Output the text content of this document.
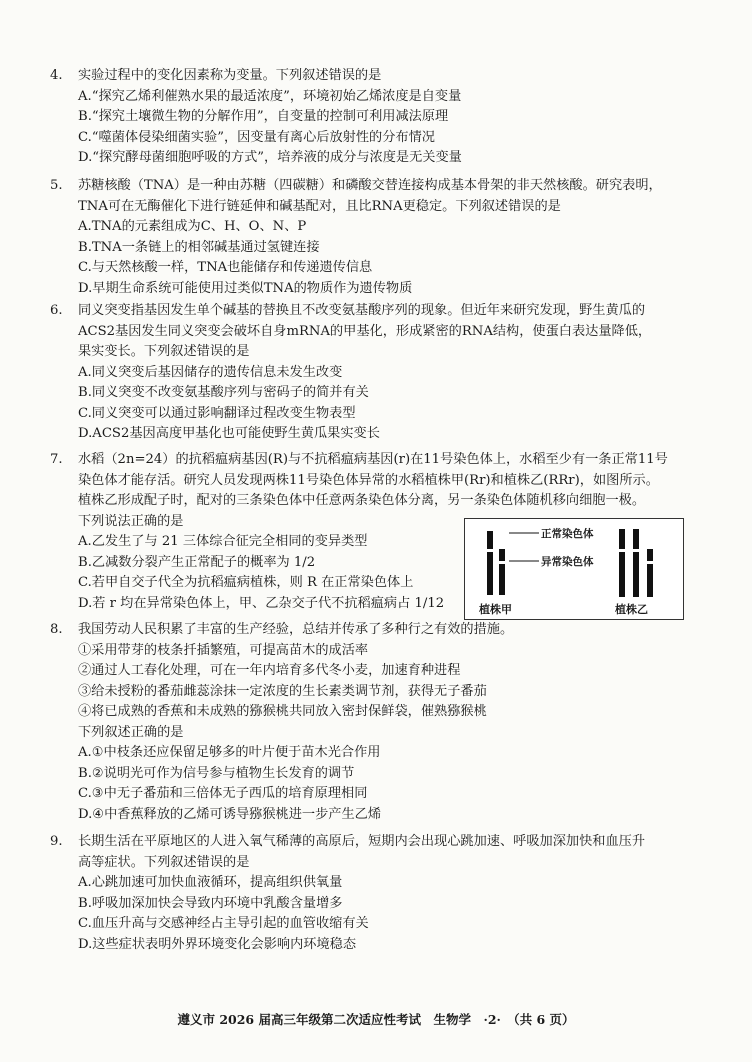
4.	实验过程中的变化因素称为变量。下列叙述错误的是
A.“探究乙烯利催熟水果的最适浓度”，环境初始乙烯浓度是自变量
B.“探究土壤微生物的分解作用”，自变量的控制可利用减法原理
C.“噬菌体侵染细菌实验”，因变量有离心后放射性的分布情况
D.“探究酵母菌细胞呼吸的方式”，培养液的成分与浓度是无关变量
5.	苏糖核酸（TNA）是一种由苏糖（四碳糖）和磷酸交替连接构成基本骨架的非天然核酸。研究表明，
TNA可在无酶催化下进行链延伸和碱基配对，且比RNA更稳定。下列叙述错误的是
A.TNA的元素组成为C、H、O、N、P
B.TNA一条链上的相邻碱基通过氢键连接
C.与天然核酸一样，TNA也能储存和传递遗传信息
D.早期生命系统可能使用过类似TNA的物质作为遗传物质
6.	同义突变指基因发生单个碱基的替换且不改变氨基酸序列的现象。但近年来研究发现，野生黄瓜的
ACS2基因发生同义突变会破坏自身mRNA的甲基化，形成紧密的RNA结构，使蛋白表达量降低，
果实变长。下列叙述错误的是
A.同义突变后基因储存的遗传信息未发生改变
B.同义突变不改变氨基酸序列与密码子的简并有关
C.同义突变可以通过影响翻译过程改变生物表型
D.ACS2基因高度甲基化也可能使野生黄瓜果实变长
7.	水稻（2n=24）的抗稻瘟病基因(R)与不抗稻瘟病基因(r)在11号染色体上，水稻至少有一条正常11号
染色体才能存活。研究人员发现两株11号染色体异常的水稻植株甲(Rr)和植株乙(RRr)，如图所示。
植株乙形成配子时，配对的三条染色体中任意两条染色体分离，另一条染色体随机移向细胞一极。
下列说法正确的是
A.乙发生了与 21 三体综合征完全相同的变异类型
B.乙减数分裂产生正常配子的概率为 1/2
C.若甲自交子代全为抗稻瘟病植株，则 R 在正常染色体上
D.若 r 均在异常染色体上，甲、乙杂交子代不抗稻瘟病占 1/12
正常染色体
异常染色体
植株甲	植株乙
8.	我国劳动人民积累了丰富的生产经验，总结并传承了多种行之有效的措施。
①采用带芽的枝条扦插繁殖，可提高苗木的成活率
②通过人工春化处理，可在一年内培育多代冬小麦，加速育种进程
③给未授粉的番茄雌蕊涂抹一定浓度的生长素类调节剂，获得无子番茄
④将已成熟的香蕉和未成熟的猕猴桃共同放入密封保鲜袋，催熟猕猴桃
下列叙述正确的是
A.①中枝条还应保留足够多的叶片便于苗木光合作用
B.②说明光可作为信号参与植物生长发育的调节
C.③中无子番茄和三倍体无子西瓜的培育原理相同
D.④中香蕉释放的乙烯可诱导猕猴桃进一步产生乙烯
9.	长期生活在平原地区的人进入氧气稀薄的高原后，短期内会出现心跳加速、呼吸加深加快和血压升
高等症状。下列叙述错误的是
A.心跳加速可加快血液循环，提高组织供氧量
B.呼吸加深加快会导致内环境中乳酸含量增多
C.血压升高与交感神经占主导引起的血管收缩有关
D.这些症状表明外界环境变化会影响内环境稳态
遵义市 2026 届高三年级第二次适应性考试　生物学　·2·　（共 6 页）
